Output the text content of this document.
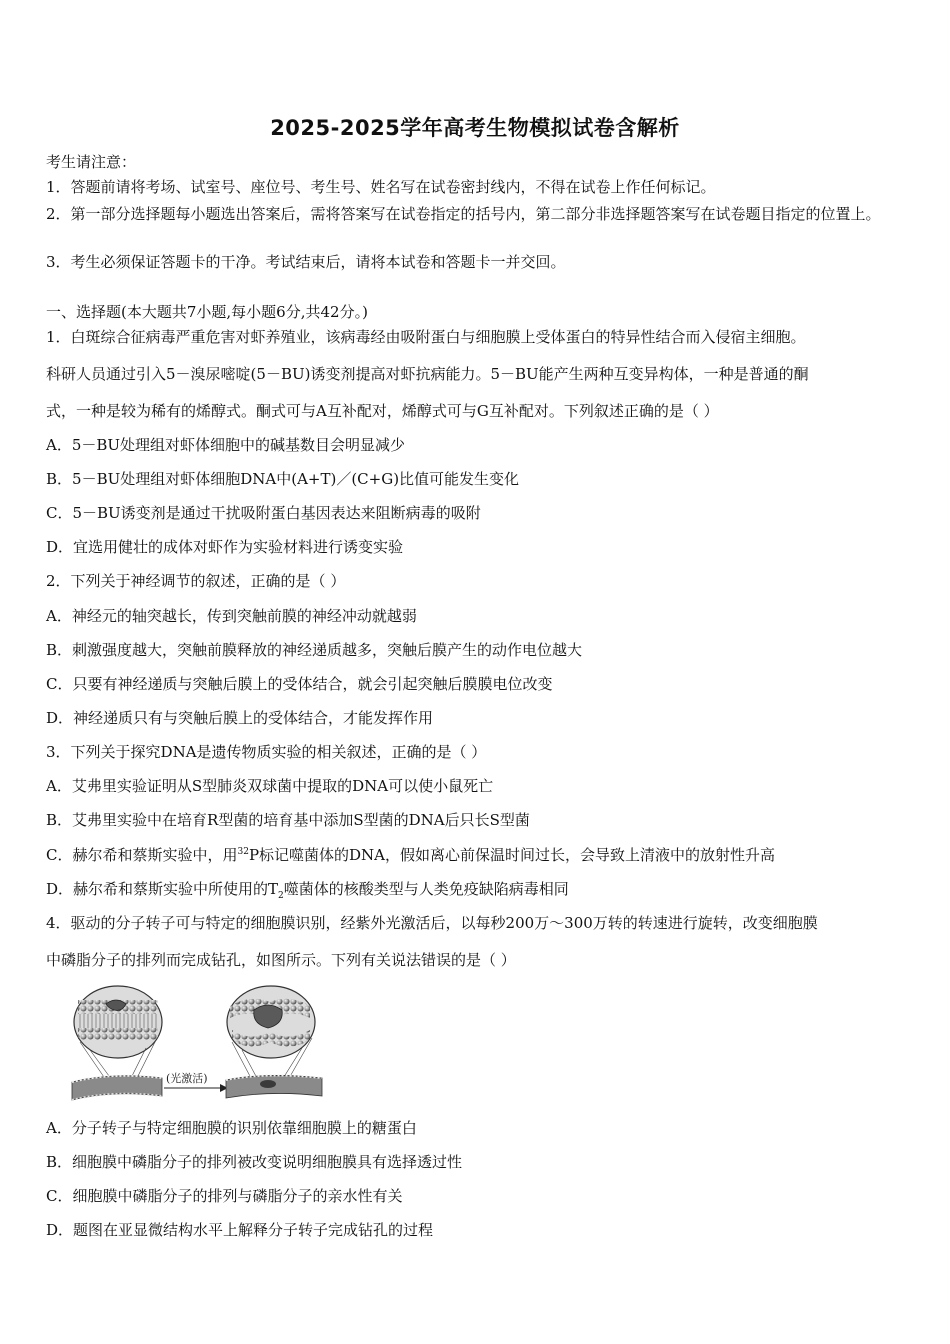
2025-2025学年高考生物模拟试卷含解析
考生请注意：
1．答题前请将考场、试室号、座位号、考生号、姓名写在试卷密封线内，不得在试卷上作任何标记。
2．第一部分选择题每小题选出答案后，需将答案写在试卷指定的括号内，第二部分非选择题答案写在试卷题目指定的位置上。
3．考生必须保证答题卡的干净。考试结束后，请将本试卷和答题卡一并交回。
一、选择题(本大题共7小题,每小题6分,共42分。)
1．白斑综合征病毒严重危害对虾养殖业，该病毒经由吸附蛋白与细胞膜上受体蛋白的特异性结合而入侵宿主细胞。
科研人员通过引入5－溴尿嘧啶(5－BU)诱变剂提高对虾抗病能力。5－BU能产生两种互变异构体，一种是普通的酮
式，一种是较为稀有的烯醇式。酮式可与A互补配对，烯醇式可与G互补配对。下列叙述正确的是（ ）
A．5－BU处理组对虾体细胞中的碱基数目会明显减少
B．5－BU处理组对虾体细胞DNA中(A+T)／(C+G)比值可能发生变化
C．5－BU诱变剂是通过干扰吸附蛋白基因表达来阻断病毒的吸附
D．宜选用健壮的成体对虾作为实验材料进行诱变实验
2．下列关于神经调节的叙述，正确的是（ ）
A．神经元的轴突越长，传到突触前膜的神经冲动就越弱
B．刺激强度越大，突触前膜释放的神经递质越多，突触后膜产生的动作电位越大
C．只要有神经递质与突触后膜上的受体结合，就会引起突触后膜膜电位改变
D．神经递质只有与突触后膜上的受体结合，才能发挥作用
3．下列关于探究DNA是遗传物质实验的相关叙述，正确的是（ ）
A．艾弗里实验证明从S型肺炎双球菌中提取的DNA可以使小鼠死亡
B．艾弗里实验中在培育R型菌的培育基中添加S型菌的DNA后只长S型菌
C．赫尔希和蔡斯实验中，用$^{32}$P标记噬菌体的DNA，假如离心前保温时间过长，会导致上清液中的放射性升高
D．赫尔希和蔡斯实验中所使用的$T_2$噬菌体的核酸类型与人类免疫缺陷病毒相同
4．驱动的分子转子可与特定的细胞膜识别，经紫外光激活后，以每秒200万～300万转的转速进行旋转，改变细胞膜
中磷脂分子的排列而完成钻孔，如图所示。下列有关说法错误的是（ ）
(光激活)
A．分子转子与特定细胞膜的识别依靠细胞膜上的糖蛋白
B．细胞膜中磷脂分子的排列被改变说明细胞膜具有选择透过性
C．细胞膜中磷脂分子的排列与磷脂分子的亲水性有关
D．题图在亚显微结构水平上解释分子转子完成钻孔的过程
